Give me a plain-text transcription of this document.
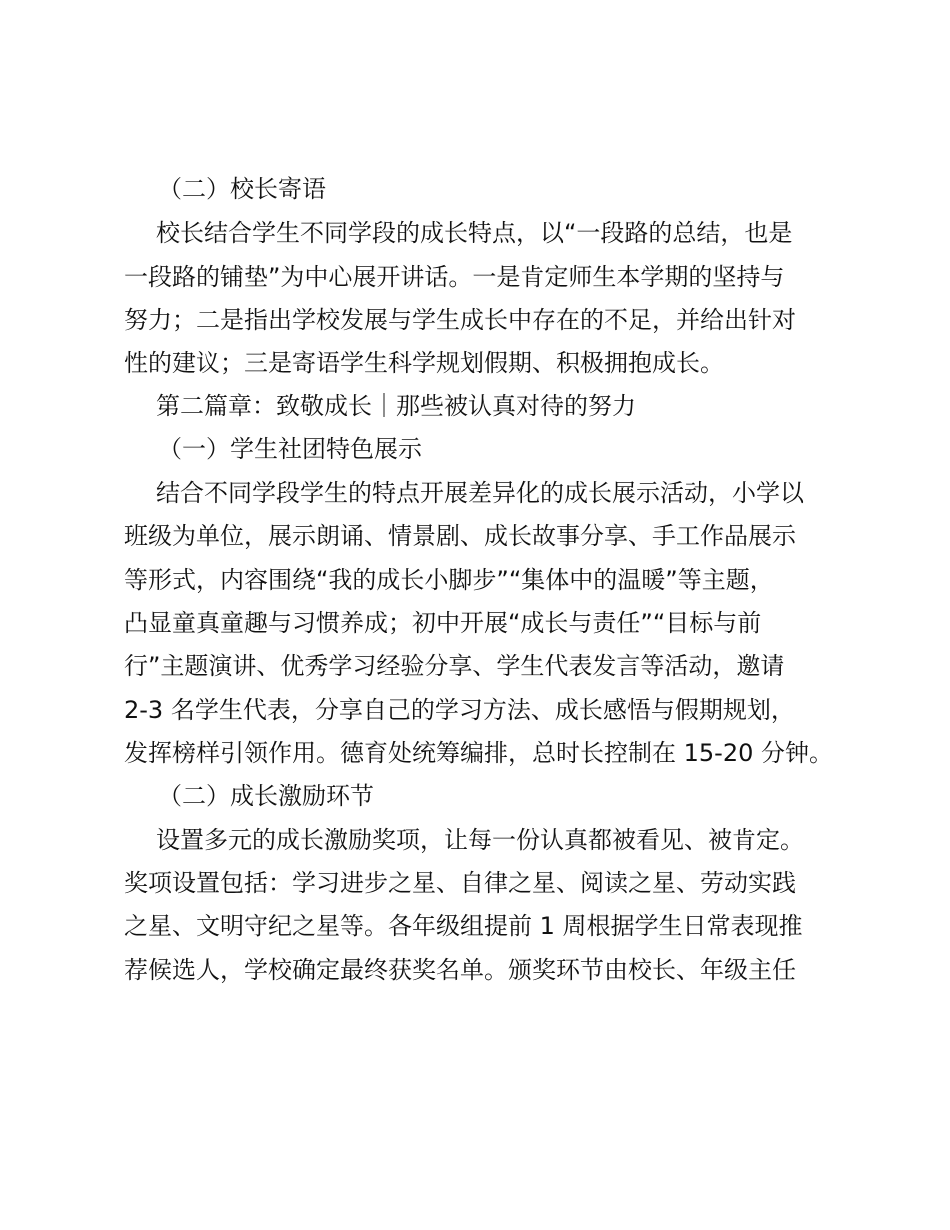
（二）校长寄语

校长结合学生不同学段的成长特点，以“一段路的总结，也是

一段路的铺垫”为中心展开讲话。一是肯定师生本学期的坚持与

努力；二是指出学校发展与学生成长中存在的不足，并给出针对

性的建议；三是寄语学生科学规划假期、积极拥抱成长。

第二篇章：致敬成长｜那些被认真对待的努力

（一）学生社团特色展示

结合不同学段学生的特点开展差异化的成长展示活动，小学以

班级为单位，展示朗诵、情景剧、成长故事分享、手工作品展示

等形式，内容围绕“我的成长小脚步”“集体中的温暖”等主题，

凸显童真童趣与习惯养成；初中开展“成长与责任”“目标与前

行”主题演讲、优秀学习经验分享、学生代表发言等活动，邀请

2-3 名学生代表，分享自己的学习方法、成长感悟与假期规划，

发挥榜样引领作用。德育处统筹编排，总时长控制在 15-20 分钟。

（二）成长激励环节

设置多元的成长激励奖项，让每一份认真都被看见、被肯定。

奖项设置包括：学习进步之星、自律之星、阅读之星、劳动实践

之星、文明守纪之星等。各年级组提前 1 周根据学生日常表现推

荐候选人，学校确定最终获奖名单。颁奖环节由校长、年级主任
